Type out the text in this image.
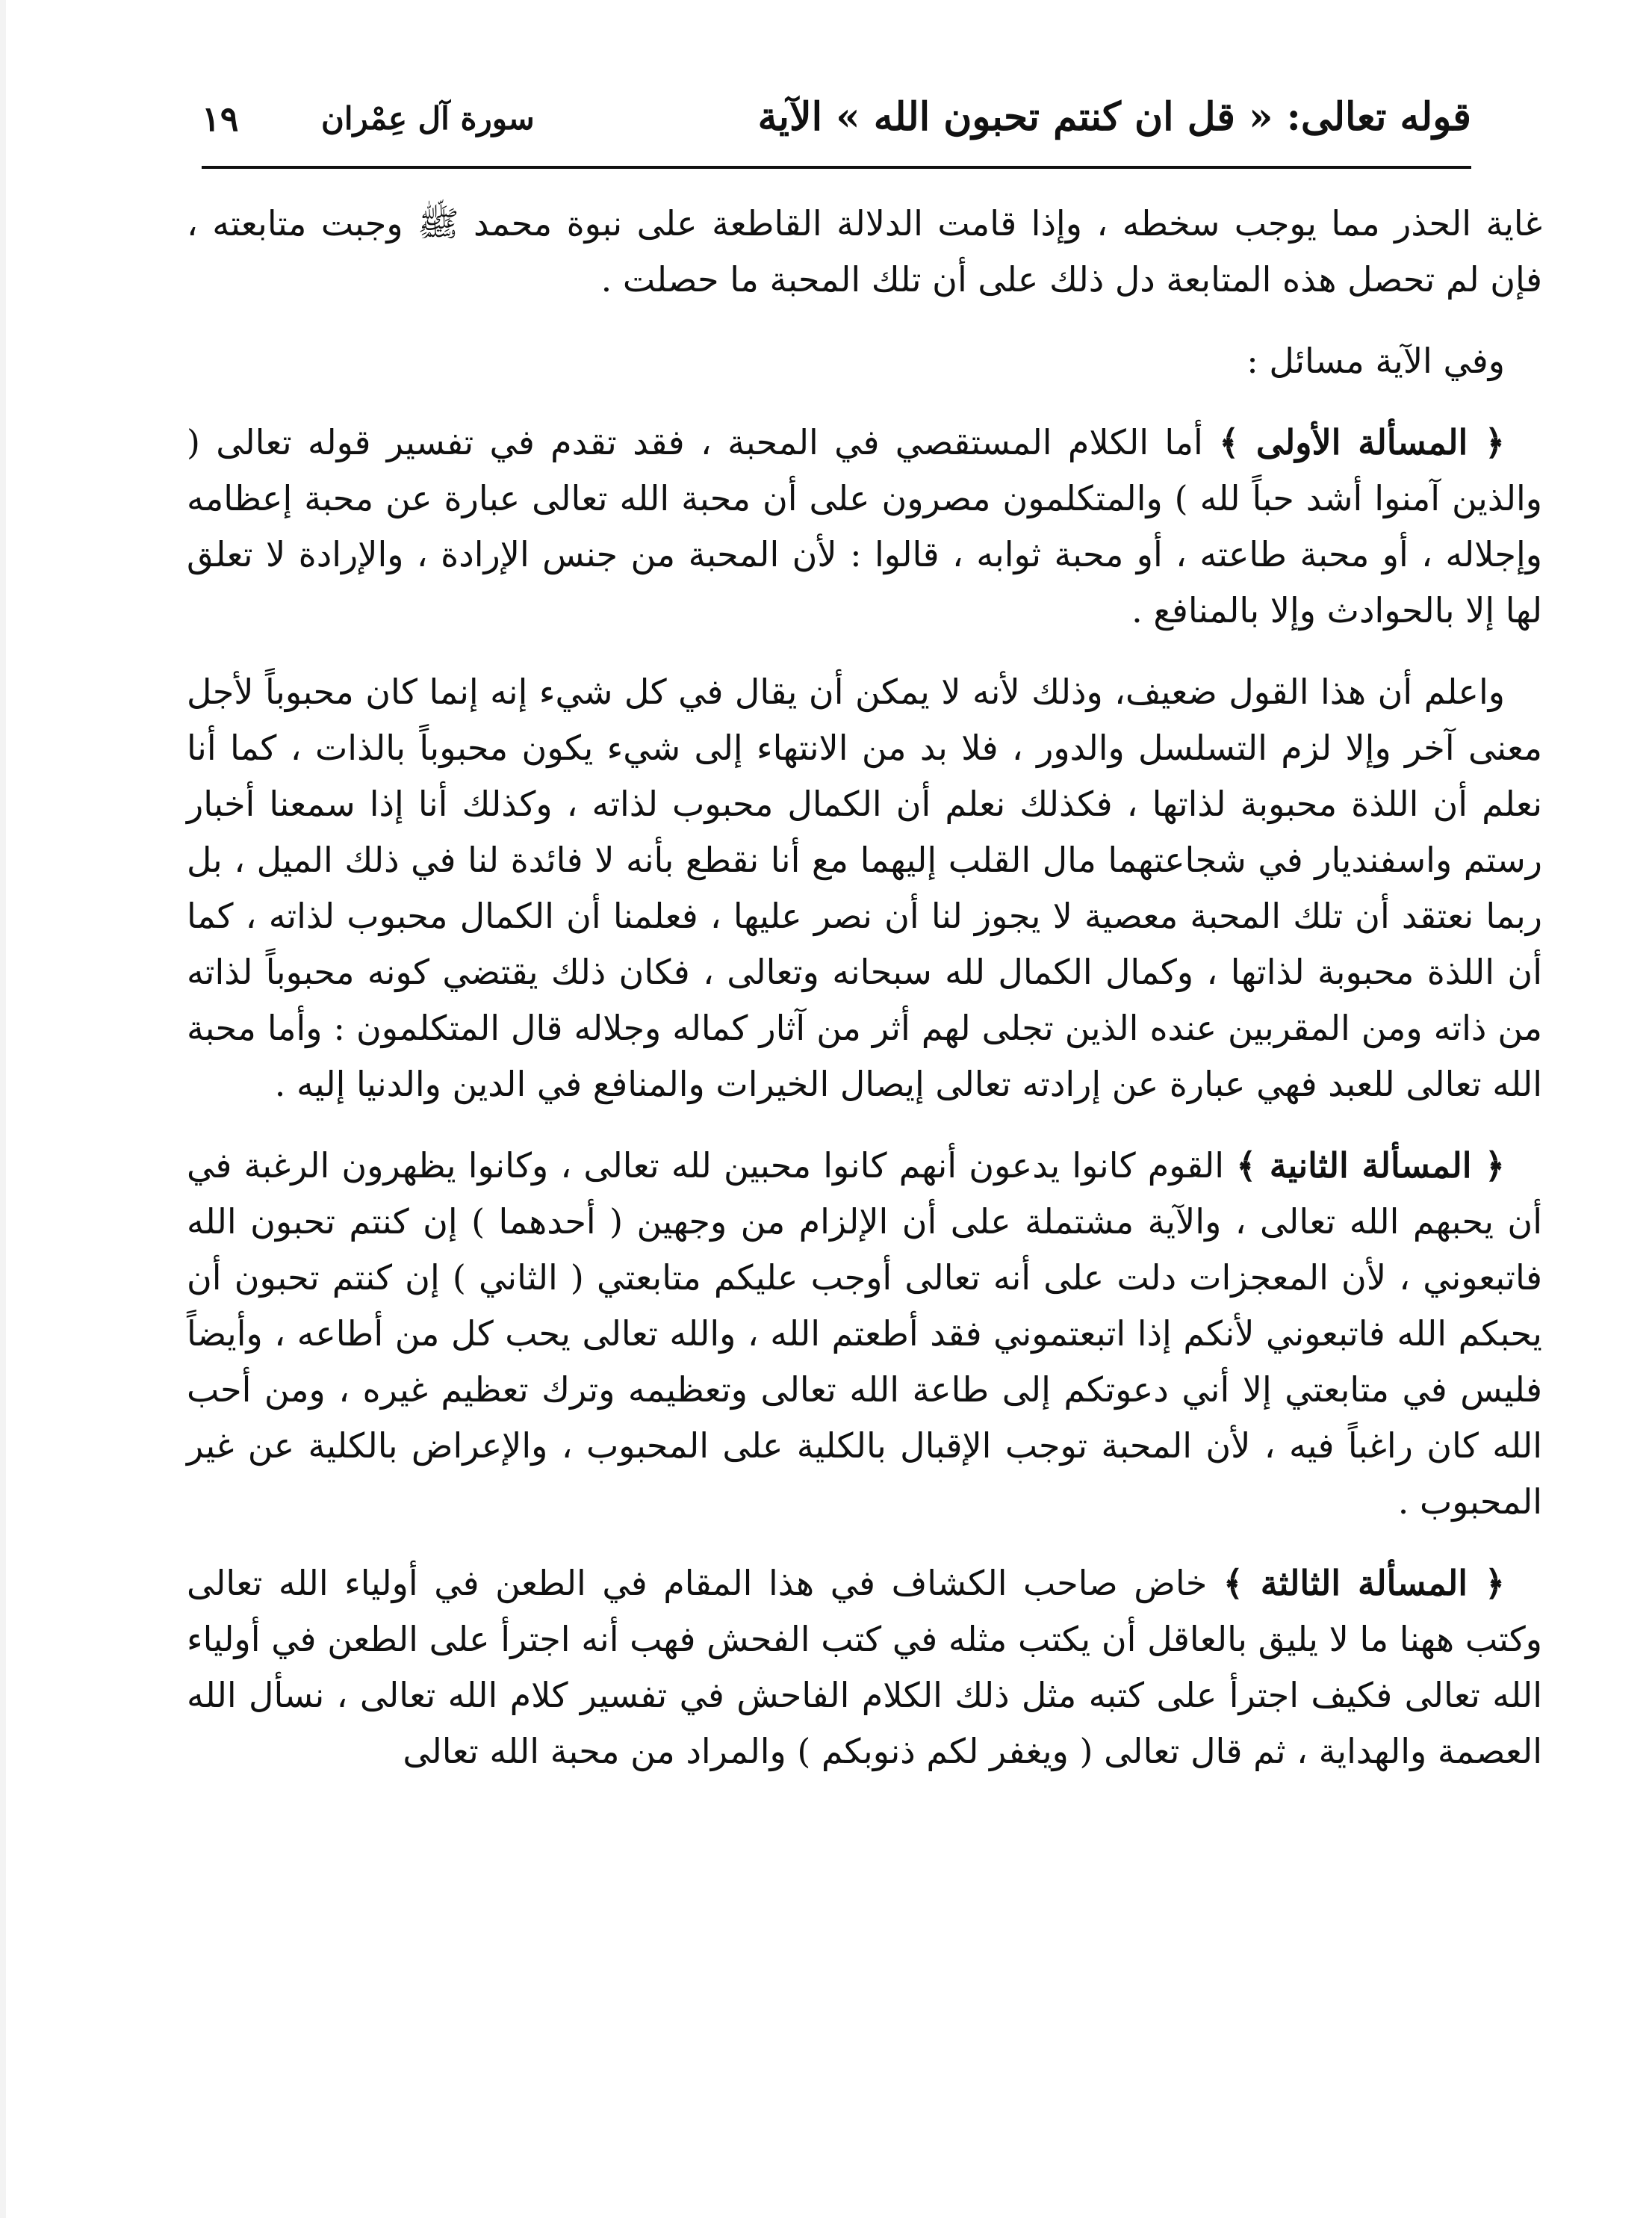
قوله تعالى: « قل ان كنتم تحبون الله » الآية
سورة آل عِمْران
١٩

غاية الحذر مما يوجب سخطه ، وإذا قامت الدلالة القاطعة على نبوة محمد ﷺ وجبت متابعته ، فإن لم تحصل هذه المتابعة دل ذلك على أن تلك المحبة ما حصلت .

وفي الآية مسائل :

﴿ المسألة الأولى ﴾ أما الكلام المستقصي في المحبة ، فقد تقدم في تفسير قوله تعالى ( والذين آمنوا أشد حباً لله ) والمتكلمون مصرون على أن محبة الله تعالى عبارة عن محبة إعظامه وإجلاله ، أو محبة طاعته ، أو محبة ثوابه ، قالوا : لأن المحبة من جنس الإرادة ، والإرادة لا تعلق لها إلا بالحوادث وإلا بالمنافع .

واعلم أن هذا القول ضعيف، وذلك لأنه لا يمكن أن يقال في كل شيء إنه إنما كان محبوباً لأجل معنى آخر وإلا لزم التسلسل والدور ، فلا بد من الانتهاء إلى شيء يكون محبوباً بالذات ، كما أنا نعلم أن اللذة محبوبة لذاتها ، فكذلك نعلم أن الكمال محبوب لذاته ، وكذلك أنا إذا سمعنا أخبار رستم واسفنديار في شجاعتهما مال القلب إليهما مع أنا نقطع بأنه لا فائدة لنا في ذلك الميل ، بل ربما نعتقد أن تلك المحبة معصية لا يجوز لنا أن نصر عليها ، فعلمنا أن الكمال محبوب لذاته ، كما أن اللذة محبوبة لذاتها ، وكمال الكمال لله سبحانه وتعالى ، فكان ذلك يقتضي كونه محبوباً لذاته من ذاته ومن المقربين عنده الذين تجلى لهم أثر من آثار كماله وجلاله قال المتكلمون : وأما محبة الله تعالى للعبد فهي عبارة عن إرادته تعالى إيصال الخيرات والمنافع في الدين والدنيا إليه .

﴿ المسألة الثانية ﴾ القوم كانوا يدعون أنهم كانوا محبين لله تعالى ، وكانوا يظهرون الرغبة في أن يحبهم الله تعالى ، والآية مشتملة على أن الإلزام من وجهين ( أحدهما ) إن كنتم تحبون الله فاتبعوني ، لأن المعجزات دلت على أنه تعالى أوجب عليكم متابعتي ( الثاني ) إن كنتم تحبون أن يحبكم الله فاتبعوني لأنكم إذا اتبعتموني فقد أطعتم الله ، والله تعالى يحب كل من أطاعه ، وأيضاً فليس في متابعتي إلا أني دعوتكم إلى طاعة الله تعالى وتعظيمه وترك تعظيم غيره ، ومن أحب الله كان راغباً فيه ، لأن المحبة توجب الإقبال بالكلية على المحبوب ، والإعراض بالكلية عن غير المحبوب .

﴿ المسألة الثالثة ﴾ خاض صاحب الكشاف في هذا المقام في الطعن في أولياء الله تعالى وكتب ههنا ما لا يليق بالعاقل أن يكتب مثله في كتب الفحش فهب أنه اجترأ على الطعن في أولياء الله تعالى فكيف اجترأ على كتبه مثل ذلك الكلام الفاحش في تفسير كلام الله تعالى ، نسأل الله العصمة والهداية ، ثم قال تعالى ( ويغفر لكم ذنوبكم ) والمراد من محبة الله تعالى
